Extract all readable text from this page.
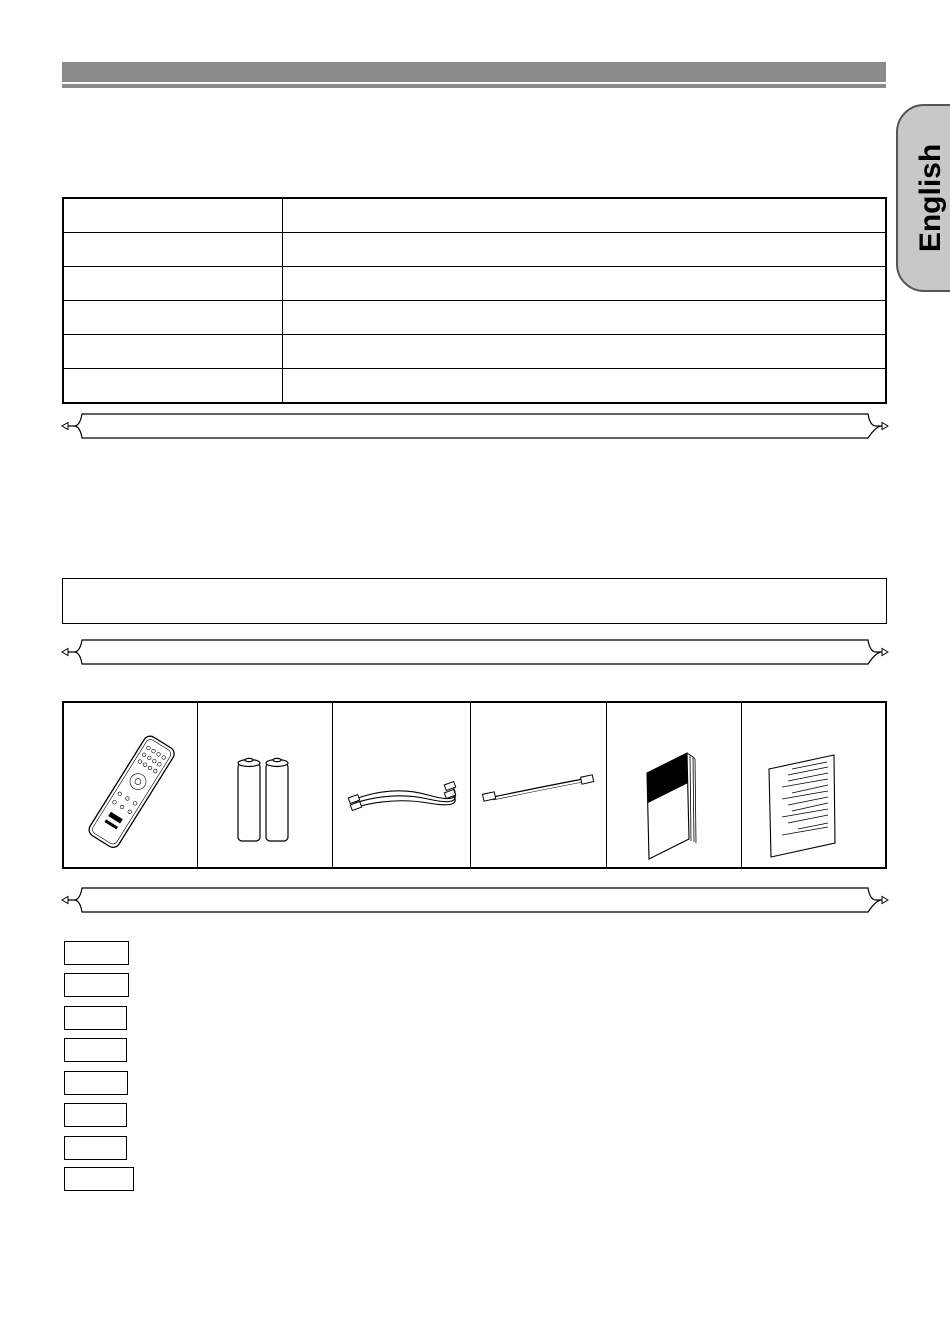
English
